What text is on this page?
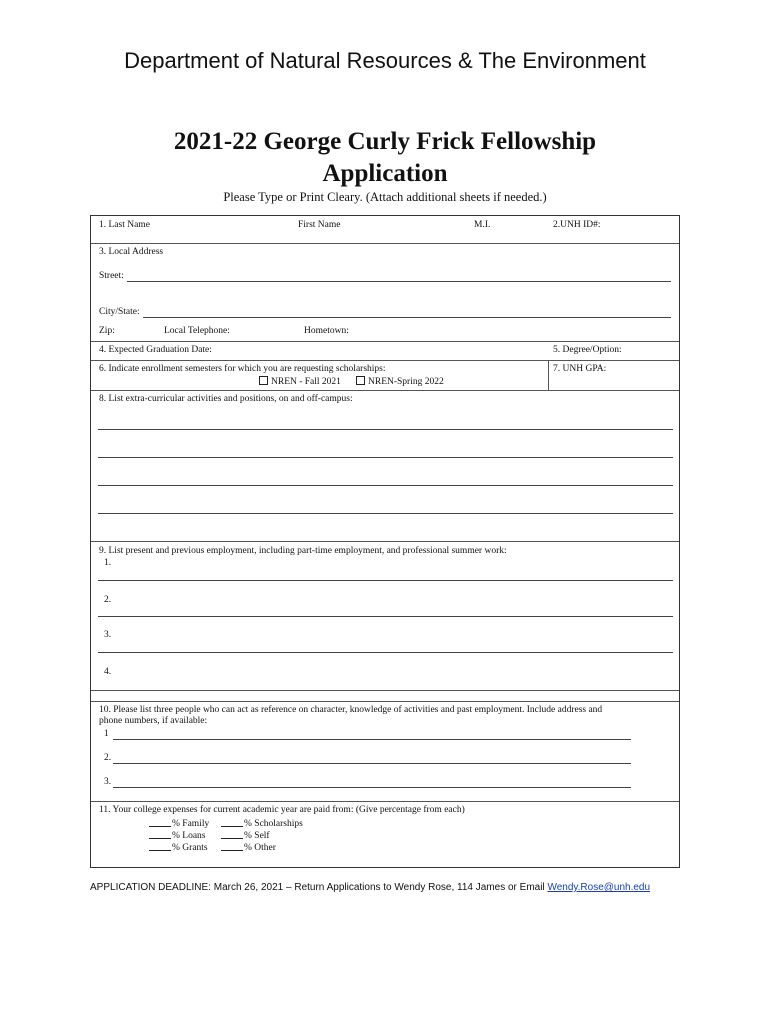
Department of Natural Resources & The Environment
2021-22 George Curly Frick Fellowship
Application
Please Type or Print Cleary. (Attach additional sheets if needed.)
1. Last Name	First Name	M.I.	2.UNH ID#:
3. Local Address
Street:
City/State:
Zip:	Local Telephone:	Hometown:
4. Expected Graduation Date:	5. Degree/Option:
6. Indicate enrollment semesters for which you are requesting scholarships:
NREN - Fall 2021	NREN-Spring 2022
7. UNH GPA:
8. List extra-curricular activities and positions, on and off-campus:
9. List present and previous employment, including part-time employment, and professional summer work:
1.
2.
3.
4.
10. Please list three people who can act as reference on character, knowledge of activities and past employment. Include address and
phone numbers, if available:
1
2.
3.
11. Your college expenses for current academic year are paid from: (Give percentage from each)
% Family	% Scholarships
% Loans	% Self
% Grants	% Other
APPLICATION DEADLINE: March 26, 2021 – Return Applications to Wendy Rose, 114 James or Email Wendy.Rose@unh.edu
